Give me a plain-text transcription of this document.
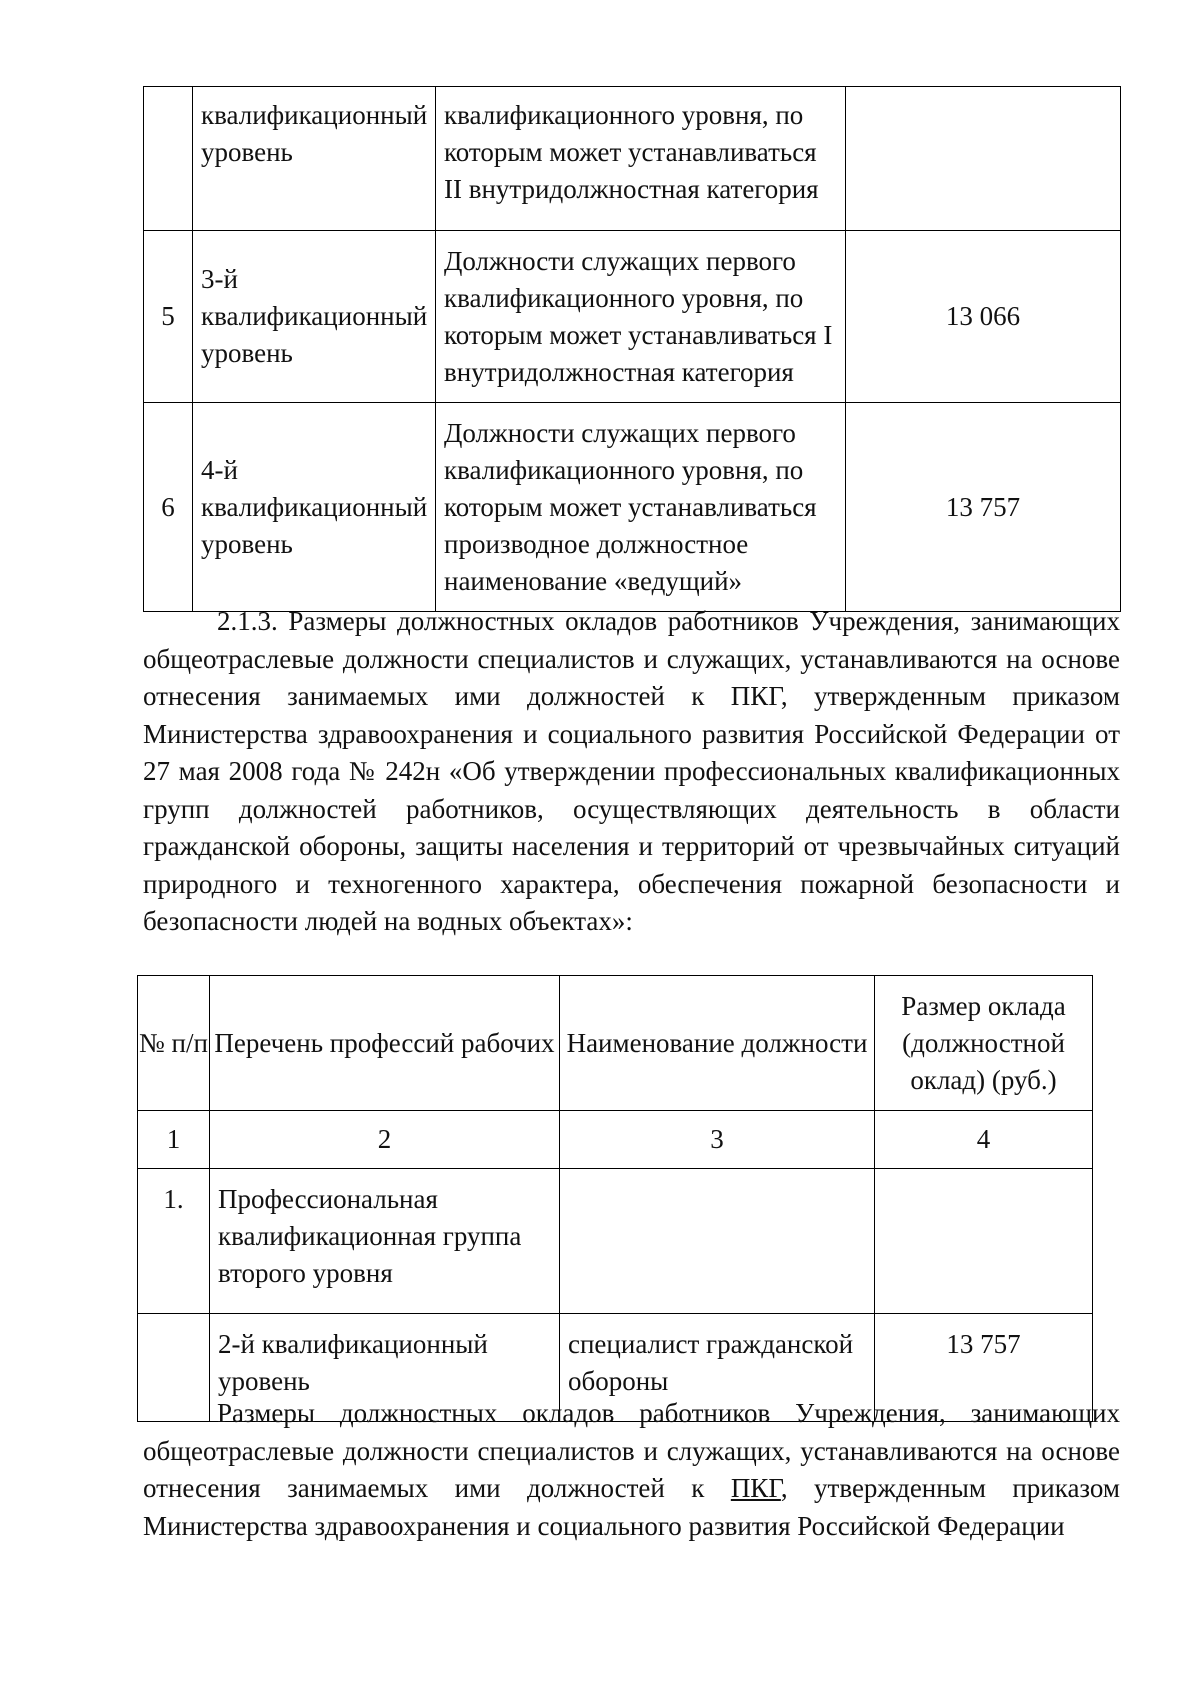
	квалификационный уровень	квалификационного уровня, по которым может устанавливаться II внутридолжностная категория	
5	3-й квалификационный уровень	Должности служащих первого квалификационного уровня, по которым может устанавливаться I внутридолжностная категория	13 066
6	4-й квалификационный уровень	Должности служащих первого квалификационного уровня, по которым может устанавливаться производное должностное наименование «ведущий»	13 757

2.1.3. Размеры должностных окладов работников Учреждения, занимающих общеотраслевые должности специалистов и служащих, устанавливаются на основе отнесения занимаемых ими должностей к ПКГ, утвержденным приказом Министерства здравоохранения и социального развития Российской Федерации от 27 мая 2008 года № 242н «Об утверждении профессиональных квалификационных групп должностей работников, осуществляющих деятельность в области гражданской обороны, защиты населения и территорий от чрезвычайных ситуаций природного и техногенного характера, обеспечения пожарной безопасности и безопасности людей на водных объектах»:

№ п/п	Перечень профессий рабочих	Наименование должности	Размер оклада (должностной оклад) (руб.)
1	2	3	4
1.	Профессиональная квалификационная группа второго уровня		
	2-й квалификационный уровень	специалист гражданской обороны	13 757

Размеры должностных окладов работников Учреждения, занимающих общеотраслевые должности специалистов и служащих, устанавливаются на основе отнесения занимаемых ими должностей к ПКГ, утвержденным приказом Министерства здравоохранения и социального развития Российской Федерации
